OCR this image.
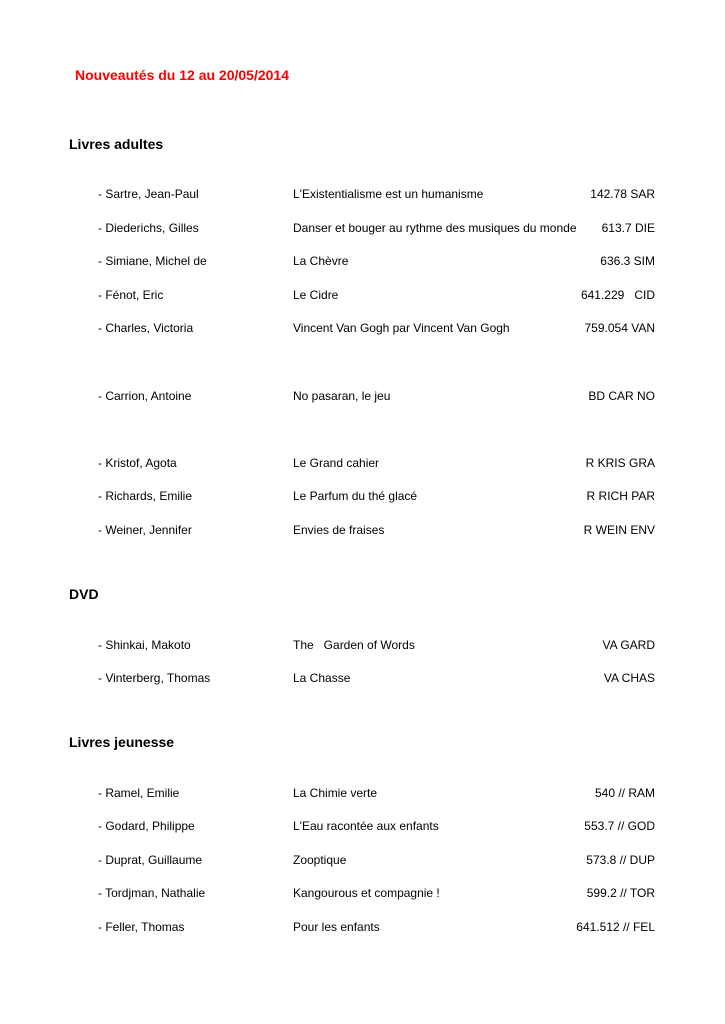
Nouveautés du 12 au 20/05/2014
Livres adultes
- Sartre, Jean-Paul	L'Existentialisme est un humanisme	142.78 SAR
- Diederichs, Gilles	Danser et bouger au rythme des musiques du monde 613.7 DIE
- Simiane, Michel de	La Chèvre	636.3 SIM
- Fénot, Eric	Le Cidre	641.229   CID
- Charles, Victoria	Vincent Van Gogh par Vincent Van Gogh	759.054 VAN
- Carrion, Antoine	No pasaran, le jeu	BD CAR NO
- Kristof, Agota	Le Grand cahier	R KRIS GRA
- Richards, Emilie	Le Parfum du thé glacé	R RICH PAR
- Weiner, Jennifer	Envies de fraises	R WEIN ENV
DVD
- Shinkai, Makoto	The   Garden of Words	VA GARD
- Vinterberg, Thomas	La Chasse	VA CHAS
Livres jeunesse
- Ramel, Emilie	La Chimie verte	540 // RAM
- Godard, Philippe	L'Eau racontée aux enfants	553.7 // GOD
- Duprat, Guillaume	Zooptique	573.8 // DUP
- Tordjman, Nathalie	Kangourous et compagnie !	599.2 // TOR
- Feller, Thomas	Pour les enfants	641.512 // FEL
